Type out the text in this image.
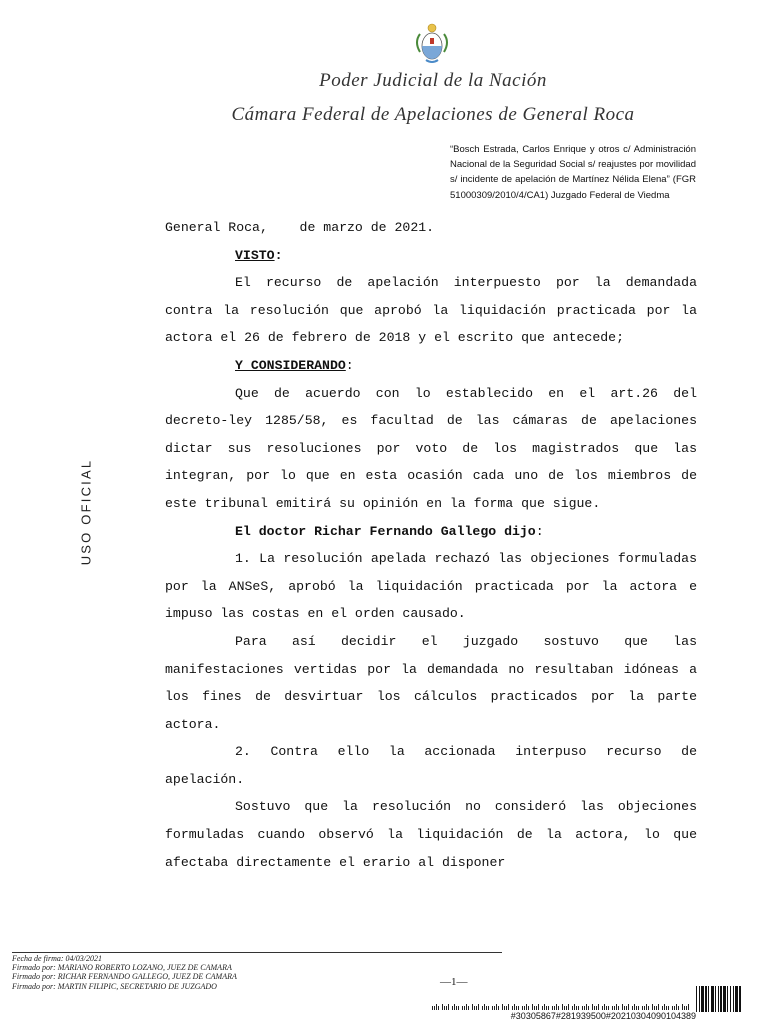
Poder Judicial de la Nación
Cámara Federal de Apelaciones de General Roca
“Bosch Estrada, Carlos Enrique y otros c/ Administración Nacional de la Seguridad Social s/ reajustes por movilidad s/ incidente de apelación de Martínez Nélida Elena” (FGR 51000309/2010/4/CA1) Juzgado Federal de Viedma
USO OFICIAL

General Roca,    de marzo de 2021.

VISTO:

El recurso de apelación interpuesto por la demandada contra la resolución que aprobó la liquidación practicada por la actora el 26 de febrero de 2018 y el escrito que antecede;

Y CONSIDERANDO:

Que de acuerdo con lo establecido en el art.26 del decreto-ley 1285/58, es facultad de las cámaras de apelaciones dictar sus resoluciones por voto de los magistrados que las integran, por lo que en esta ocasión cada uno de los miembros de este tribunal emitirá su opinión en la forma que sigue.

El doctor Richar Fernando Gallego dijo:

1. La resolución apelada rechazó las objeciones formuladas por la ANSeS, aprobó la liquidación practicada por la actora e impuso las costas en el orden causado.

Para así decidir el juzgado sostuvo que las manifestaciones vertidas por la demandada no resultaban idóneas a los fines de desvirtuar los cálculos practicados por la parte actora.

2. Contra ello la accionada interpuso recurso de apelación.

Sostuvo que la resolución no consideró las objeciones formuladas cuando observó la liquidación de la actora, lo que afectaba directamente el erario al disponer

Fecha de firma: 04/03/2021
Firmado por: MARIANO ROBERTO LOZANO, JUEZ DE CAMARA
Firmado por: RICHAR FERNANDO GALLEGO, JUEZ DE CAMARA
Firmado por: MARTIN FILIPIC, SECRETARIO DE JUZGADO	—1—
#30305867#281939500#20210304090104389
